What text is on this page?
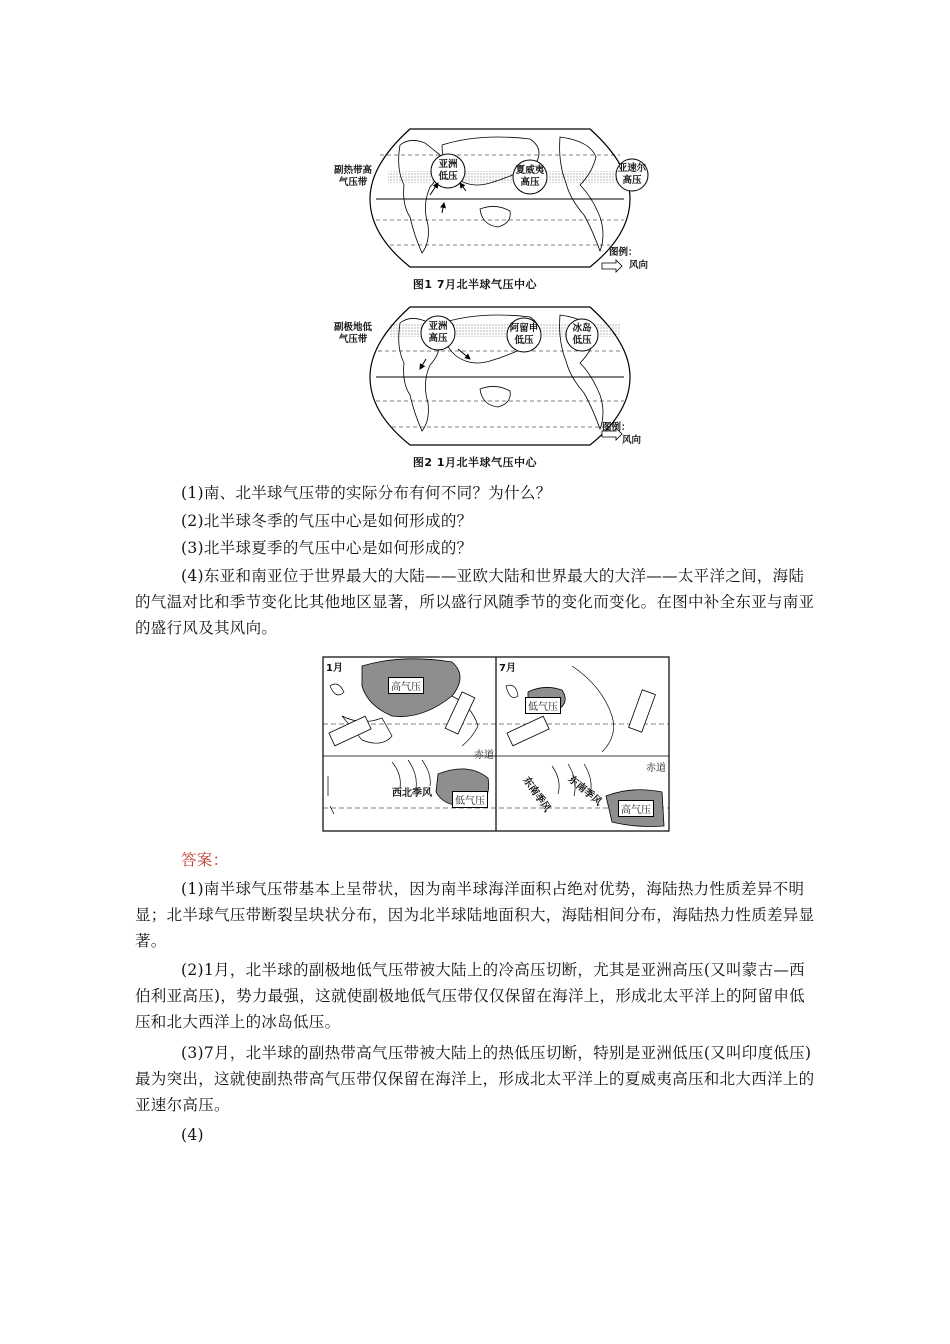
副热带高
气压带
亚洲
低压
夏威夷
高压
亚速尔
高压
图例：
风向
图1 7月北半球气压中心
副极地低
气压带
亚洲
高压
阿留申
低压
冰岛
低压
图例：
风向
图2 1月北半球气压中心

(1)南、北半球气压带的实际分布有何不同？为什么？

(2)北半球冬季的气压中心是如何形成的？

(3)北半球夏季的气压中心是如何形成的？

(4)东亚和南亚位于世界最大的大陆——亚欧大陆和世界最大的大洋——太平洋之间，海陆的气温对比和季节变化比其他地区显著，所以盛行风随季节的变化而变化。在图中补全东亚与南亚的盛行风及其风向。

1月
高气压
赤道
西北季风
低气压
7月
低气压
赤道
东南季风	东南季风
高气压
答案：

(1)南半球气压带基本上呈带状，因为南半球海洋面积占绝对优势，海陆热力性质差异不明显；北半球气压带断裂呈块状分布，因为北半球陆地面积大，海陆相间分布，海陆热力性质差异显著。

(2)1月，北半球的副极地低气压带被大陆上的冷高压切断，尤其是亚洲高压(又叫蒙古—西伯利亚高压)，势力最强，这就使副极地低气压带仅仅保留在海洋上，形成北太平洋上的阿留申低压和北大西洋上的冰岛低压。

(3)7月，北半球的副热带高气压带被大陆上的热低压切断，特别是亚洲低压(又叫印度低压)最为突出，这就使副热带高气压带仅保留在海洋上，形成北太平洋上的夏威夷高压和北大西洋上的亚速尔高压。

(4)
